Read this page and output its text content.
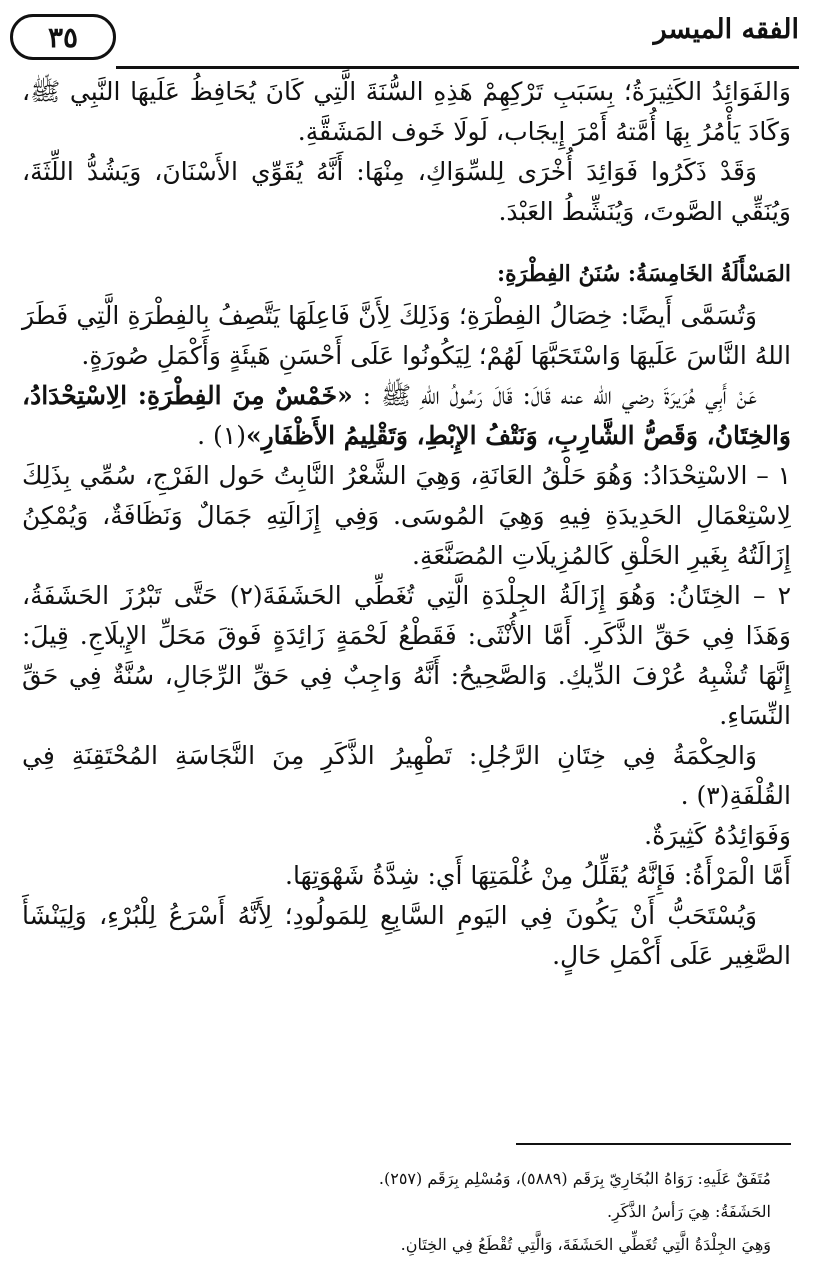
٣٥	الفقه الميسر

وَالفَوَائِدُ الكَثِيرَةُ؛ بِسَبَبِ تَرْكِهِمْ هَذِهِ السُّنَةَ الَّتِي كَانَ يُحَافِظُ عَلَيهَا النَّبِي ﷺ، وَكَادَ يَأْمُرُ بِهَا أُمَّتهُ أَمْرَ إِيجَاب، لَولَا خَوف المَشَقَّةِ.

وَقَدْ ذَكَرُوا فَوَائِدَ أُخْرَى لِلسِّوَاكِ، مِنْهَا: أَنَّهُ يُقَوِّي الأَسْنَانَ، وَيَشُدُّ اللِّثَةَ، وَيُنَقِّي الصَّوتَ، وَيُنَشِّطُ العَبْدَ.

المَسْأَلَةُ الخَامِسَةُ: سُنَنُ الفِطْرَةِ:

وَتُسَمَّى أَيضًا: خِصَالُ الفِطْرَةِ؛ وَذَلِكَ لِأَنَّ فَاعِلَهَا يَتَّصِفُ بِالفِطْرَةِ الَّتِي فَطَرَ اللهُ النَّاسَ عَلَيهَا وَاسْتَحَبَّهَا لَهُمْ؛ لِيَكُونُوا عَلَى أَحْسَنِ هَيئَةٍ وَأَكْمَلِ صُورَةٍ.

عَنْ أَبِي هُرَيرَةَ رضي الله عنه قَالَ: قَالَ رَسُولُ اللهِ ﷺ : «خَمْسٌ مِنَ الفِطْرَةِ: الِاسْتِحْدَادُ، وَالخِتَانُ، وَقَصُّ الشَّارِبِ، وَنَتْفُ الإِبْطِ، وَتَقْلِيمُ الأَظْفَارِ»(١) .

١ – الاسْتِحْدَادُ: وَهُوَ حَلْقُ العَانَةِ، وَهِيَ الشَّعْرُ النَّابِتُ حَول الفَرْجِ، سُمِّي بِذَلِكَ لِاسْتِعْمَالِ الحَدِيدَةِ فِيهِ وَهِيَ المُوسَى. وَفِي إِزَالَتِهِ جَمَالٌ وَنَظَافَةٌ، وَيُمْكِنُ إِزَالَتُهُ بِغَيرِ الحَلْقِ كَالمُزِيلَاتِ المُصَنَّعَةِ.

٢ – الخِتَانُ: وَهُوَ إِزَالَةُ الجِلْدَةِ الَّتِي تُغَطِّي الحَشَفَةَ(٢) حَتَّى تَبْرُزَ الحَشَفَةُ، وَهَذَا فِي حَقِّ الذَّكَرِ. أَمَّا الأُنْثَى: فَقَطْعُ لَحْمَةٍ زَائِدَةٍ فَوقَ مَحَلِّ الإِيلَاجِ. قِيلَ: إِنَّهَا تُشْبِهُ عُرْفَ الدِّيكِ. وَالصَّحِيحُ: أَنَّهُ وَاجِبٌ فِي حَقِّ الرِّجَالِ، سُنَّةٌ فِي حَقِّ النِّسَاءِ.

وَالحِكْمَةُ فِي خِتَانِ الرَّجُلِ: تَطْهِيرُ الذَّكَرِ مِنَ النَّجَاسَةِ المُحْتَقِنَةِ فِي القُلْفَةِ(٣) .

وَفَوَائِدُهُ كَثِيرَةٌ.

أَمَّا الْمَرْأَةُ: فَإِنَّهُ يُقَلِّلُ مِنْ غُلْمَتِهَا أَي: شِدَّةُ شَهْوَتِهَا.

وَيُسْتَحَبُّ أَنْ يَكُونَ فِي اليَومِ السَّابِعِ لِلمَولُودِ؛ لِأَنَّهُ أَسْرَعُ لِلْبُرْءِ، وَلِيَنْشَأَ الصَّغِير عَلَى أَكْمَلِ حَالٍ.

مُتَفَقٌ عَلَيهِ: رَوَاهُ البُخَارِيّ بِرَقَم (٥٨٨٩)، وَمُسْلِم بِرَقَم (٢٥٧).

الحَشَفَةُ: هِيَ رَأسُ الذَّكَرِ.

وَهِيَ الجِلْدَةُ الَّتِي تُغَطِّي الحَشَفَةَ، وَالَّتِي تُقْطَعُ فِي الخِتَانِ.
